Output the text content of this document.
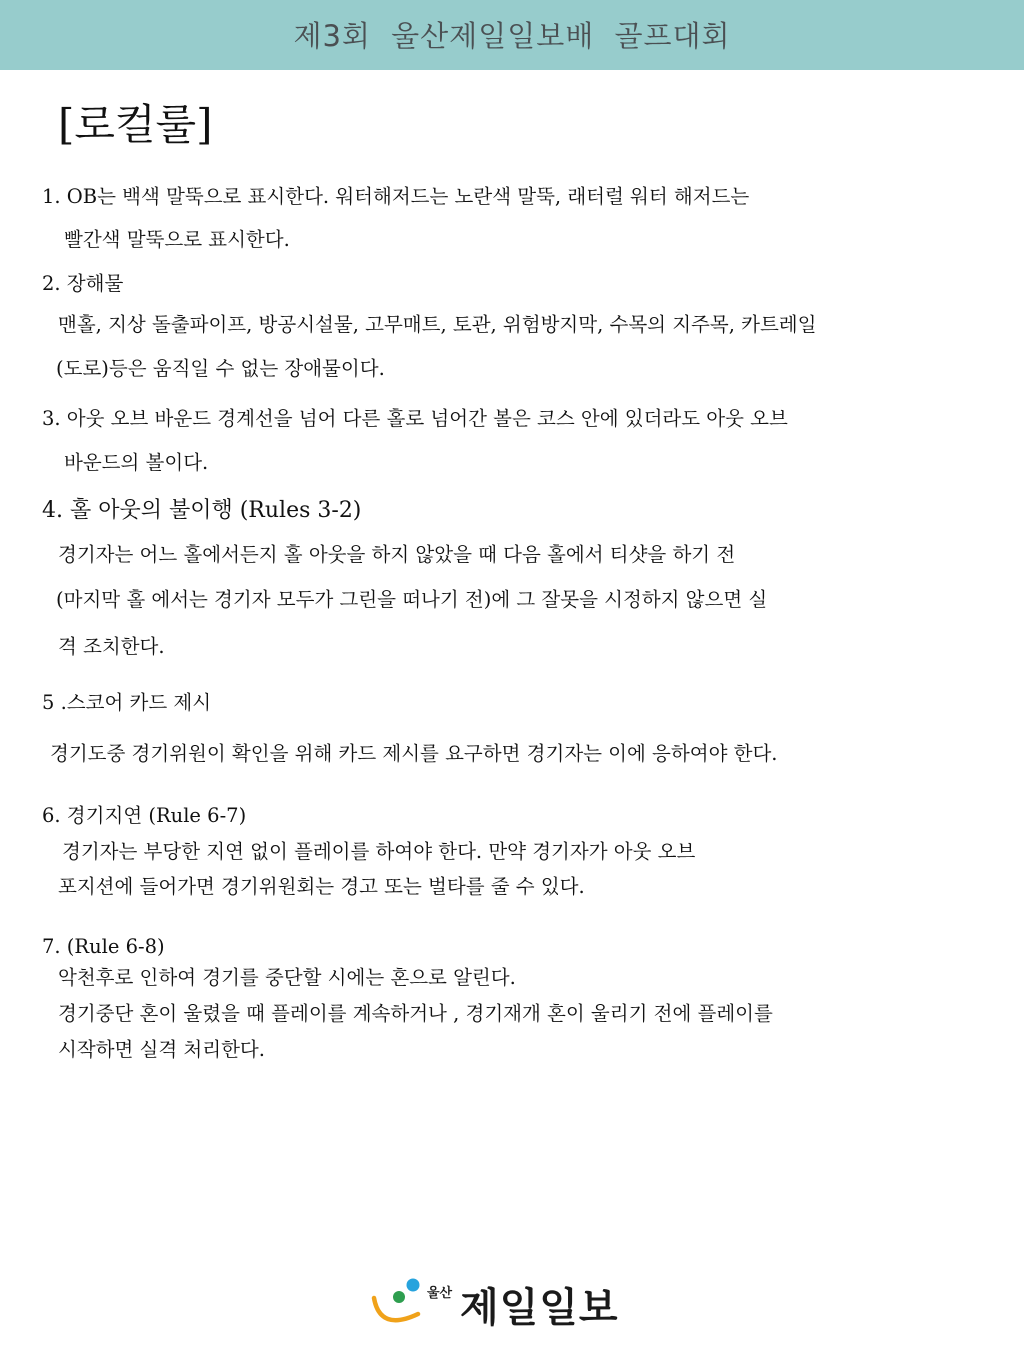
제3회 울산제일일보배 골프대회
[로컬룰]
1. OB는 백색 말뚝으로 표시한다. 워터해저드는 노란색 말뚝, 래터럴 워터 해저드는
빨간색 말뚝으로 표시한다.
2. 장해물
맨홀, 지상 돌출파이프, 방공시설물, 고무매트, 토관, 위험방지막, 수목의 지주목, 카트레일
(도로)등은 움직일 수 없는 장애물이다.
3. 아웃 오브 바운드 경계선을 넘어 다른 홀로 넘어간 볼은 코스 안에 있더라도 아웃 오브
바운드의 볼이다.
4. 홀 아웃의 불이행 (Rules 3-2)
경기자는 어느 홀에서든지 홀 아웃을 하지 않았을 때 다음 홀에서 티샷을 하기 전
(마지막 홀 에서는 경기자 모두가 그린을 떠나기 전)에 그 잘못을 시정하지 않으면 실
격 조치한다.
5 .스코어 카드 제시
경기도중 경기위원이 확인을 위해 카드 제시를 요구하면 경기자는 이에 응하여야 한다.
6. 경기지연 (Rule 6-7)
경기자는 부당한 지연 없이 플레이를 하여야 한다. 만약 경기자가 아웃 오브
포지션에 들어가면 경기위원회는 경고 또는 벌타를 줄 수 있다.
7. (Rule 6-8)
악천후로 인하여 경기를 중단할 시에는 혼으로 알린다.
경기중단 혼이 울렸을 때 플레이를 계속하거나 , 경기재개 혼이 울리기 전에 플레이를
시작하면 실격 처리한다.
울산 제일일보
